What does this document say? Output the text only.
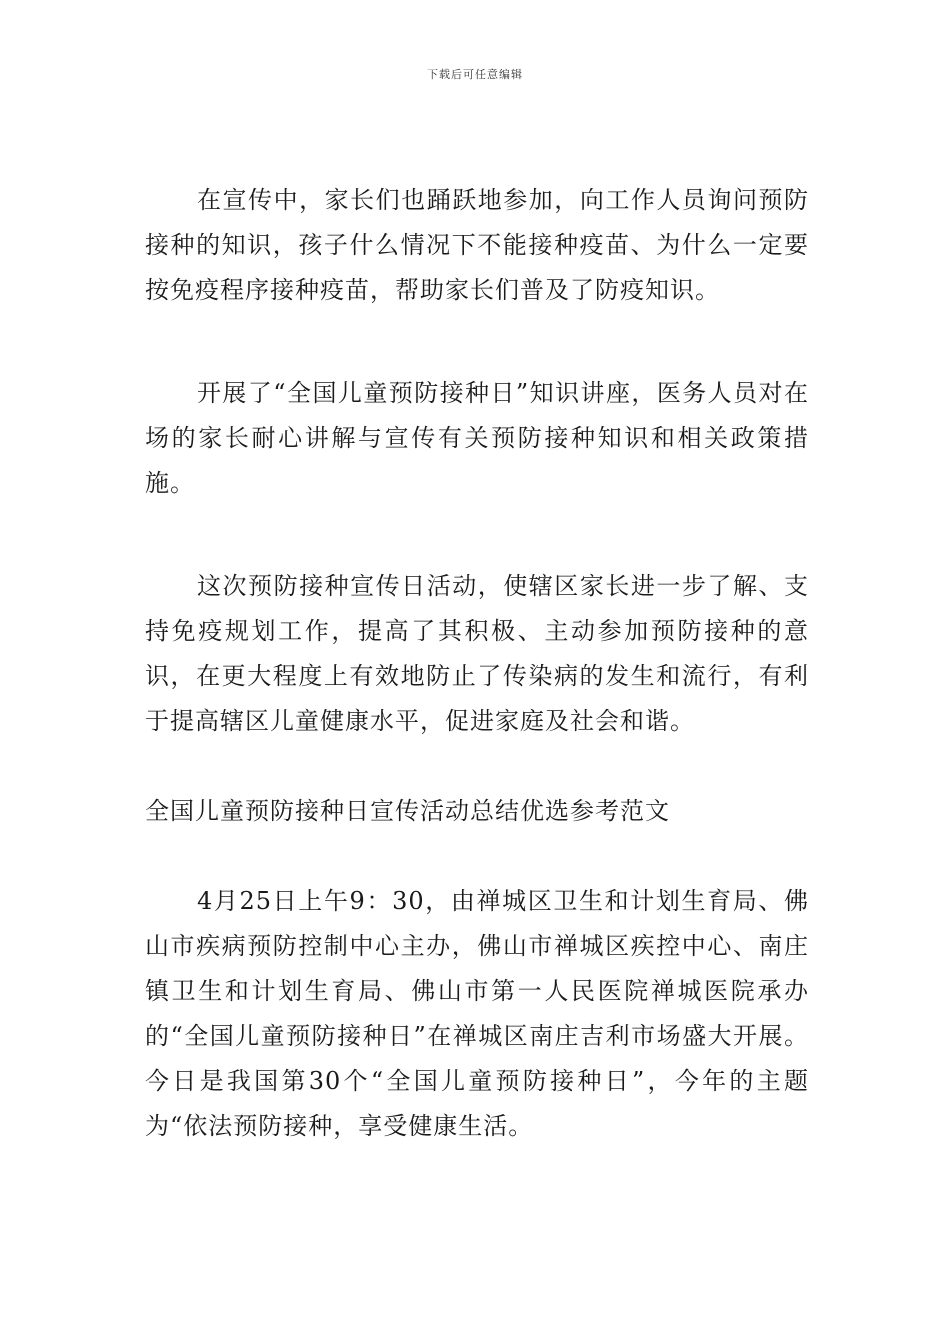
下载后可任意编辑

在宣传中，家长们也踊跃地参加，向工作人员询问预防接种的知识，孩子什么情况下不能接种疫苗、为什么一定要按免疫程序接种疫苗，帮助家长们普及了防疫知识。

开展了“全国儿童预防接种日”知识讲座，医务人员对在场的家长耐心讲解与宣传有关预防接种知识和相关政策措施。

这次预防接种宣传日活动，使辖区家长进一步了解、支持免疫规划工作，提高了其积极、主动参加预防接种的意识，在更大程度上有效地防止了传染病的发生和流行，有利于提高辖区儿童健康水平，促进家庭及社会和谐。

全国儿童预防接种日宣传活动总结优选参考范文

4月25日上午9：30，由禅城区卫生和计划生育局、佛山市疾病预防控制中心主办，佛山市禅城区疾控中心、南庄镇卫生和计划生育局、佛山市第一人民医院禅城医院承办的“全国儿童预防接种日”在禅城区南庄吉利市场盛大开展。今日是我国第30个“全国儿童预防接种日”，今年的主题为“依法预防接种，享受健康生活。
